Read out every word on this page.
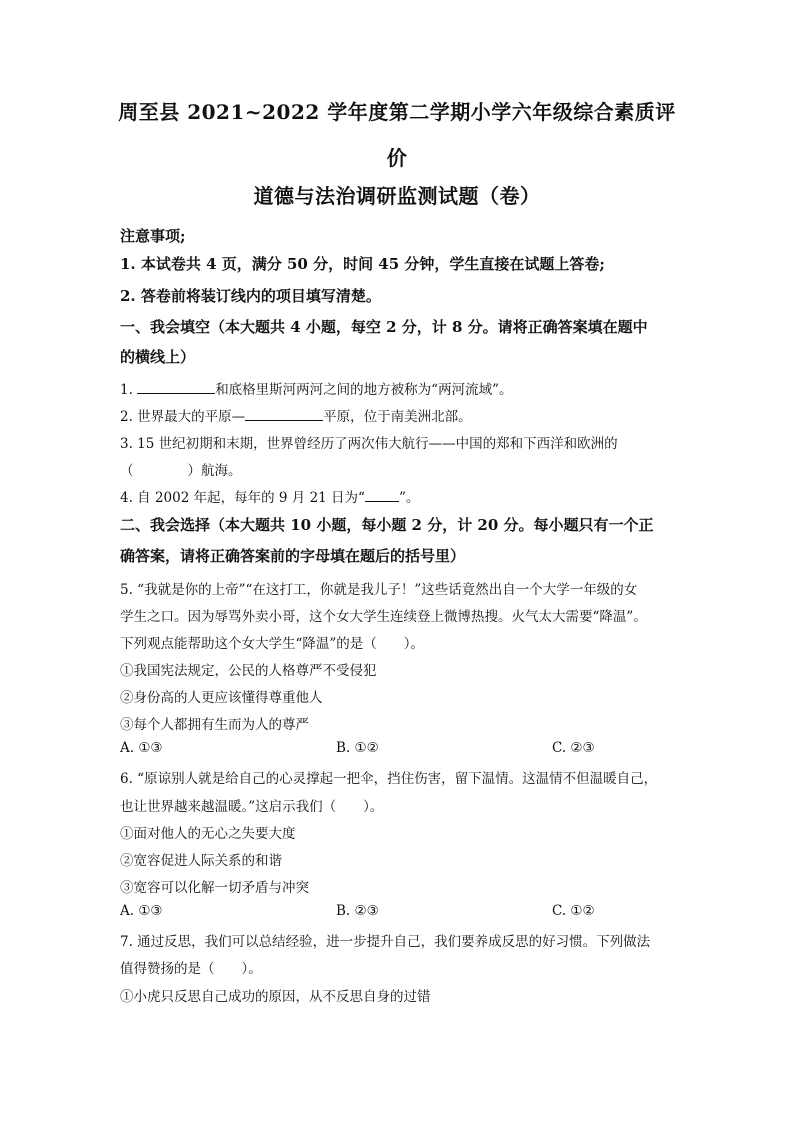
周至县 2021~2022 学年度第二学期小学六年级综合素质评
价
道德与法治调研监测试题（卷）
注意事项;
1. 本试卷共 4 页，满分 50 分，时间 45 分钟，学生直接在试题上答卷;
2. 答卷前将装订线内的项目填写清楚。
一、我会填空（本大题共 4 小题，每空 2 分，计 8 分。请将正确答案填在题中
的横线上）
1.	和底格里斯河两河之间的地方被称为“两河流域”。
2. 世界最大的平原—	平原，位于南美洲北部。
3. 15 世纪初期和末期，世界曾经历了两次伟大航行——中国的郑和下西洋和欧洲的
（　　　　）航海。
4. 自 2002 年起，每年的 9 月 21 日为“	”。
二、我会选择（本大题共 10 小题，每小题 2 分，计 20 分。每小题只有一个正
确答案，请将正确答案前的字母填在题后的括号里）
5. “我就是你的上帝”“在这打工，你就是我儿子！”这些话竟然出自一个大学一年级的女
学生之口。因为辱骂外卖小哥，这个女大学生连续登上微博热搜。火气太大需要“降温”。
下列观点能帮助这个女大学生“降温”的是（　　）。
①我国宪法规定，公民的人格尊严不受侵犯
②身份高的人更应该懂得尊重他人
③每个人都拥有生而为人的尊严
A. ①③	B. ①②	C. ②③
6. “原谅别人就是给自己的心灵撑起一把伞，挡住伤害，留下温情。这温情不但温暖自己，
也让世界越来越温暖。”这启示我们（　　）。
①面对他人的无心之失要大度
②宽容促进人际关系的和谐
③宽容可以化解一切矛盾与冲突
A. ①③	B. ②③	C. ①②
7. 通过反思，我们可以总结经验，进一步提升自己，我们要养成反思的好习惯。下列做法
值得赞扬的是（　　）。
①小虎只反思自己成功的原因，从不反思自身的过错
